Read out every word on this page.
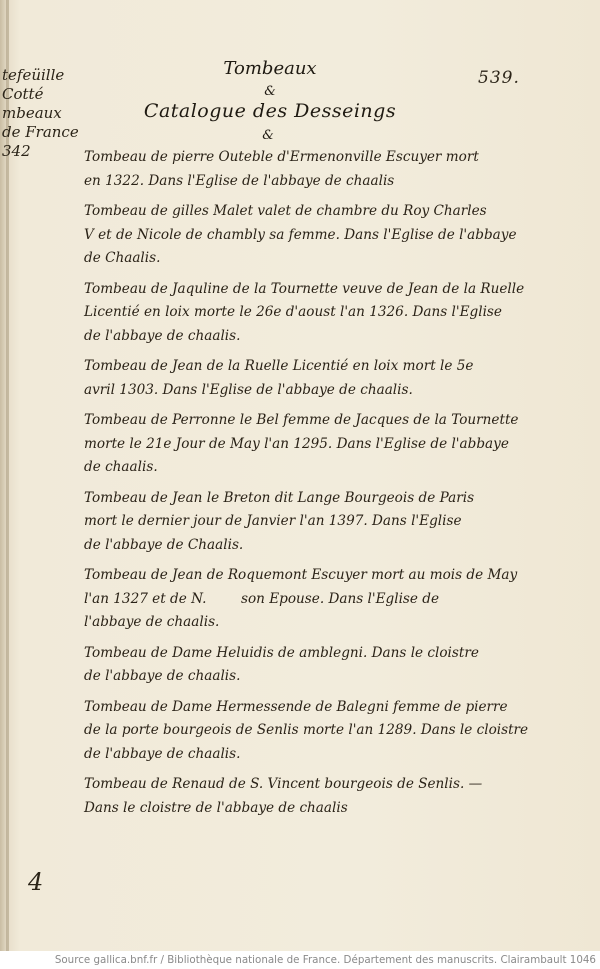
tefeüille
Cotté
mbeaux
de France
342
539.
Tombeaux
&
Catalogue des Desseings
&
Tombeau de pierre Outeble d'Ermenonville Escuyer mort
en 1322. Dans l'Eglise de l'abbaye de chaalis
Tombeau de gilles Malet valet de chambre du Roy Charles
V et de Nicole de chambly sa femme. Dans l'Eglise de l'abbaye
de Chaalis.
Tombeau de Jaquline de la Tournette veuve de Jean de la Ruelle
Licentié en loix morte le 26e d'aoust l'an 1326. Dans l'Eglise
de l'abbaye de chaalis.
Tombeau de Jean de la Ruelle Licentié en loix mort le 5e
avril 1303. Dans l'Eglise de l'abbaye de chaalis.
Tombeau de Perronne le Bel femme de Jacques de la Tournette
morte le 21e Jour de May l'an 1295. Dans l'Eglise de l'abbaye
de chaalis.
Tombeau de Jean le Breton dit Lange Bourgeois de Paris
mort le dernier jour de Janvier l'an 1397. Dans l'Eglise
de l'abbaye de Chaalis.
Tombeau de Jean de Roquemont Escuyer mort au mois de May
l'an 1327 et de N.        son Epouse. Dans l'Eglise de
l'abbaye de chaalis.
Tombeau de Dame Heluidis de amblegni. Dans le cloistre
de l'abbaye de chaalis.
Tombeau de Dame Hermessende de Balegni femme de pierre
de la porte bourgeois de Senlis morte l'an 1289. Dans le cloistre
de l'abbaye de chaalis.
Tombeau de Renaud de S. Vincent bourgeois de Senlis. —
Dans le cloistre de l'abbaye de chaalis
4
Source gallica.bnf.fr / Bibliothèque nationale de France. Département des manuscrits. Clairambault 1046
